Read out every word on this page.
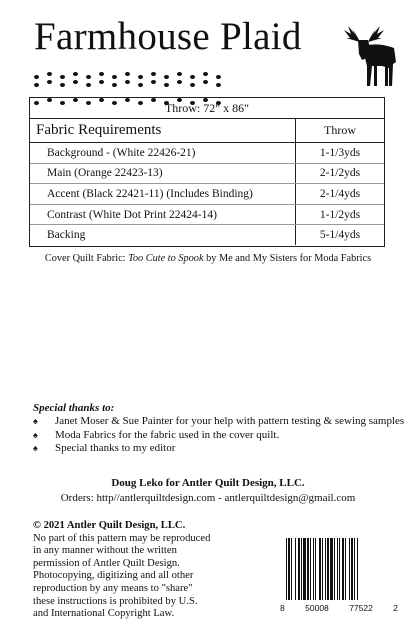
Farmhouse Plaid

Throw: 72" x 86"
Fabric Requirements	Throw
Background - (White 22426-21)	1-1/3yds
Main (Orange 22423-13)	2-1/2yds
Accent (Black 22421-11) (Includes Binding)	2-1/4yds
Contrast (White Dot Print 22424-14)	1-1/2yds
Backing	5-1/4yds
Cover Quilt Fabric: Too Cute to Spook by Me and My Sisters for Moda Fabrics
Special thanks to:
♠	Janet Moser & Sue Painter for your help with pattern testing & sewing samples
♠	Moda Fabrics for the fabric used in the cover quilt.
♠	Special thanks to my editor
Doug Leko for Antler Quilt Design, LLC.
Orders: http//antlerquiltdesign.com - antlerquiltdesign@gmail.com
© 2021 Antler Quilt Design, LLC.
No part of this pattern may be reproduced
in any manner without the written
permission of Antler Quilt Design.
Photocopying, digitizing and all other
reproduction by any means to "share"
these instructions is prohibited by U.S.
and International Copyright Law.
8 50008 77522 2
